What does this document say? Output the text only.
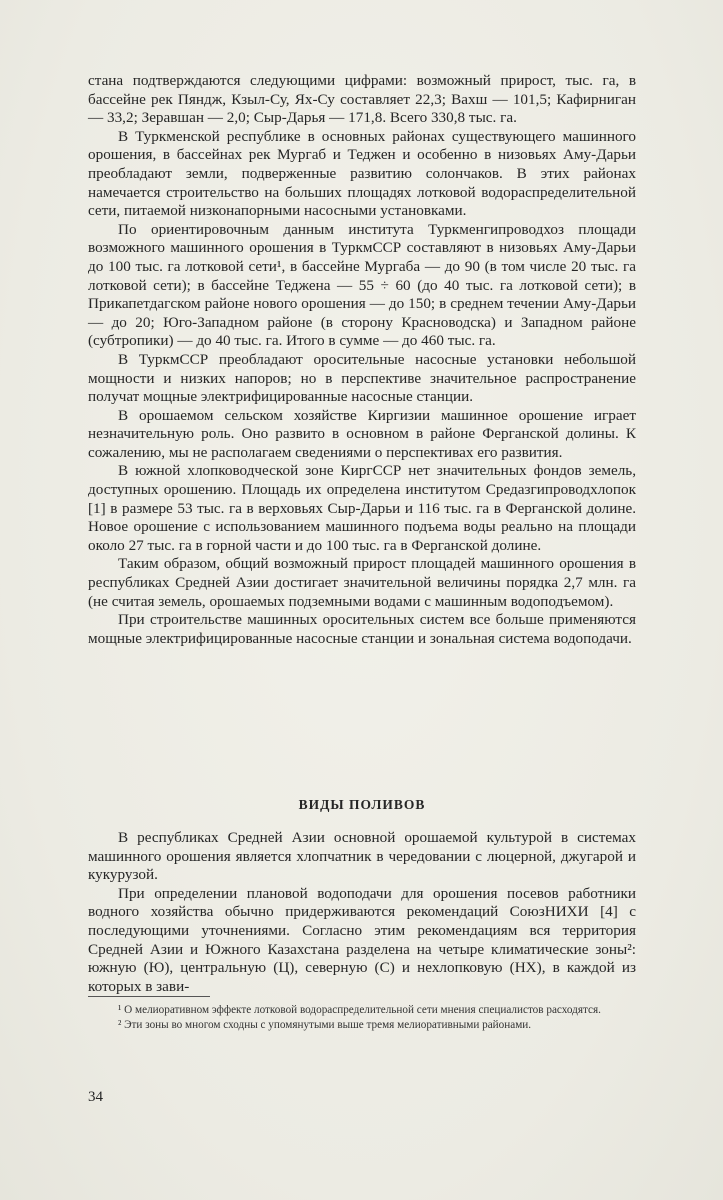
стана подтверждаются следующими цифрами: возможный прирост, тыс. га, в бассейне рек Пяндж, Кзыл-Су, Ях-Су составляет 22,3; Вахш — 101,5; Кафирниган — 33,2; Зеравшан — 2,0; Сыр-Дарья — 171,8. Всего 330,8 тыс. га.

В Туркменской республике в основных районах существующего машинного орошения, в бассейнах рек Мургаб и Теджен и особенно в низовьях Аму-Дарьи преобладают земли, подверженные развитию солончаков. В этих районах намечается строительство на больших площадях лотковой водораспределительной сети, питаемой низконапорными насосными установками.

По ориентировочным данным института Туркменгипроводхоз площади возможного машинного орошения в ТуркмССР составляют в низовьях Аму-Дарьи до 100 тыс. га лотковой сети¹, в бассейне Мургаба — до 90 (в том числе 20 тыс. га лотковой сети); в бассейне Теджена — 55 ÷ 60 (до 40 тыс. га лотковой сети); в Прикапетдагском районе нового орошения — до 150; в среднем течении Аму-Дарьи — до 20; Юго-Западном районе (в сторону Красноводска) и Западном районе (субтропики) — до 40 тыс. га. Итого в сумме — до 460 тыс. га.

В ТуркмССР преобладают оросительные насосные установки небольшой мощности и низких напоров; но в перспективе значительное распространение получат мощные электрифицированные насосные станции.

В орошаемом сельском хозяйстве Киргизии машинное орошение играет незначительную роль. Оно развито в основном в районе Ферганской долины. К сожалению, мы не располагаем сведениями о перспективах его развития.

В южной хлопководческой зоне КиргССР нет значительных фондов земель, доступных орошению. Площадь их определена институтом Средазгипроводхлопок [1] в размере 53 тыс. га в верховьях Сыр-Дарьи и 116 тыс. га в Ферганской долине. Новое орошение с использованием машинного подъема воды реально на площади около 27 тыс. га в горной части и до 100 тыс. га в Ферганской долине.

Таким образом, общий возможный прирост площадей машинного орошения в республиках Средней Азии достигает значительной величины порядка 2,7 млн. га (не считая земель, орошаемых подземными водами с машинным водоподъемом).

При строительстве машинных оросительных систем все больше применяются мощные электрифицированные насосные станции и зональная система водоподачи.

ВИДЫ ПОЛИВОВ

В республиках Средней Азии основной орошаемой культурой в системах машинного орошения является хлопчатник в чередовании с люцерной, джугарой и кукурузой.

При определении плановой водоподачи для орошения посевов работники водного хозяйства обычно придерживаются рекомендаций СоюзНИХИ [4] с последующими уточнениями. Согласно этим рекомендациям вся территория Средней Азии и Южного Казахстана разделена на четыре климатические зоны²: южную (Ю), центральную (Ц), северную (С) и нехлопковую (НХ), в каждой из которых в зави-

¹ О мелиоративном эффекте лотковой водораспределительной сети мнения специалистов расходятся.

² Эти зоны во многом сходны с упомянутыми выше тремя мелиоративными районами.

34
